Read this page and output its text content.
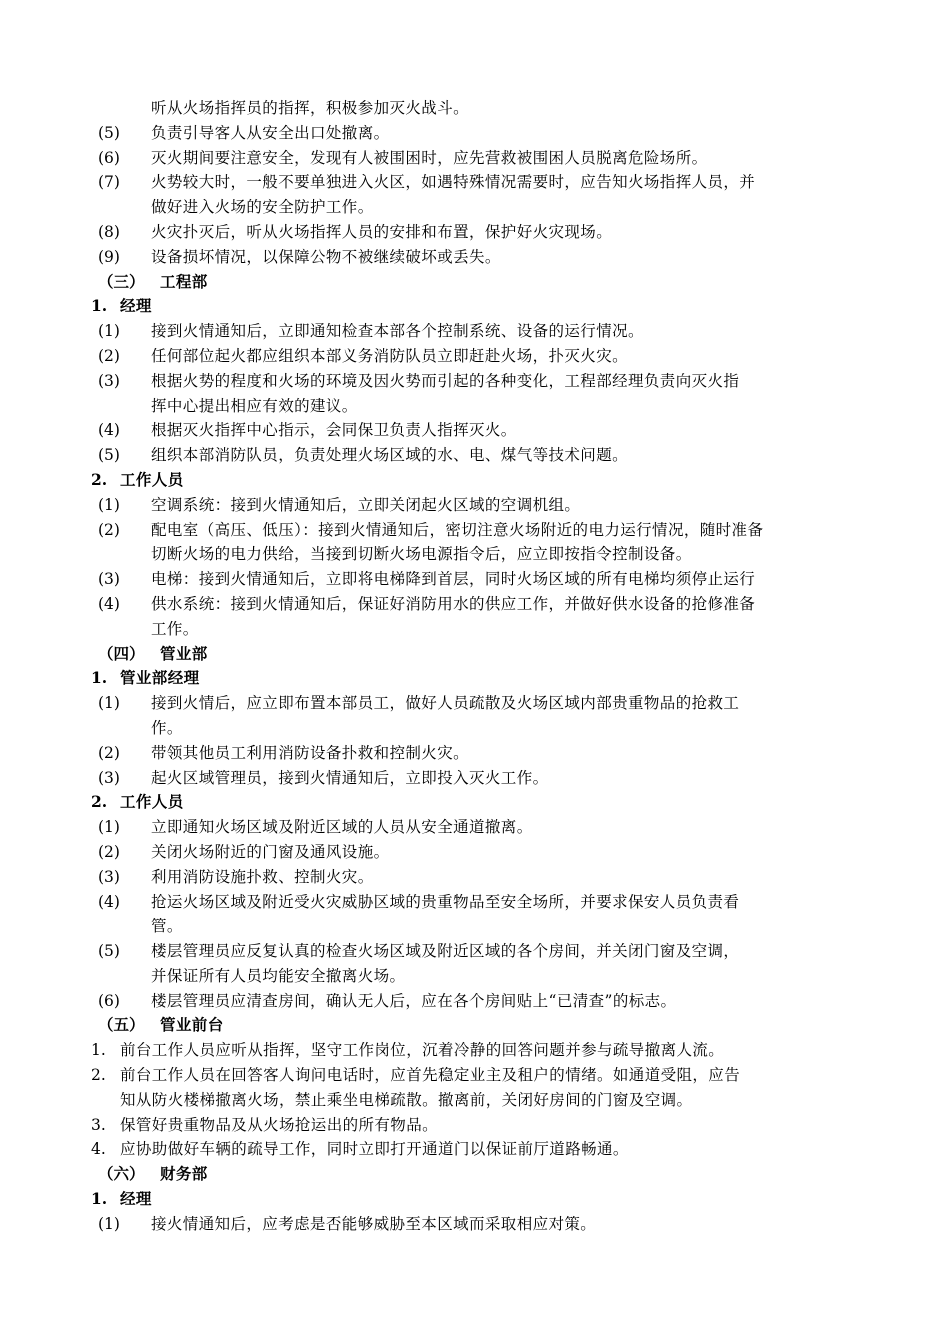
听从火场指挥员的指挥，积极参加灭火战斗。
(5) 负责引导客人从安全出口处撤离。
(6) 灭火期间要注意安全，发现有人被围困时，应先营救被围困人员脱离危险场所。
(7) 火势较大时，一般不要单独进入火区，如遇特殊情况需要时，应告知火场指挥人员，并
做好进入火场的安全防护工作。
(8) 火灾扑灭后，听从火场指挥人员的安排和布置，保护好火灾现场。
(9) 设备损坏情况，以保障公物不被继续破坏或丢失。
（三） 工程部
1. 经理
(1) 接到火情通知后，立即通知检查本部各个控制系统、设备的运行情况。
(2) 任何部位起火都应组织本部义务消防队员立即赶赴火场，扑灭火灾。
(3) 根据火势的程度和火场的环境及因火势而引起的各种变化，工程部经理负责向灭火指
挥中心提出相应有效的建议。
(4) 根据灭火指挥中心指示，会同保卫负责人指挥灭火。
(5) 组织本部消防队员，负责处理火场区域的水、电、煤气等技术问题。
2. 工作人员
(1) 空调系统：接到火情通知后，立即关闭起火区域的空调机组。
(2) 配电室（高压、低压）：接到火情通知后，密切注意火场附近的电力运行情况，随时准备
切断火场的电力供给，当接到切断火场电源指令后，应立即按指令控制设备。
(3) 电梯：接到火情通知后，立即将电梯降到首层，同时火场区域的所有电梯均须停止运行
(4) 供水系统：接到火情通知后，保证好消防用水的供应工作，并做好供水设备的抢修准备
工作。
（四） 管业部
1. 管业部经理
(1) 接到火情后，应立即布置本部员工，做好人员疏散及火场区域内部贵重物品的抢救工
作。
(2) 带领其他员工利用消防设备扑救和控制火灾。
(3) 起火区域管理员，接到火情通知后，立即投入灭火工作。
2. 工作人员
(1) 立即通知火场区域及附近区域的人员从安全通道撤离。
(2) 关闭火场附近的门窗及通风设施。
(3) 利用消防设施扑救、控制火灾。
(4) 抢运火场区域及附近受火灾威胁区域的贵重物品至安全场所，并要求保安人员负责看
管。
(5) 楼层管理员应反复认真的检查火场区域及附近区域的各个房间，并关闭门窗及空调，
并保证所有人员均能安全撤离火场。
(6) 楼层管理员应清查房间，确认无人后，应在各个房间贴上“已清查”的标志。
（五） 管业前台
1. 前台工作人员应听从指挥，坚守工作岗位，沉着冷静的回答问题并参与疏导撤离人流。
2. 前台工作人员在回答客人询问电话时，应首先稳定业主及租户的情绪。如通道受阻，应告
知从防火楼梯撤离火场，禁止乘坐电梯疏散。撤离前，关闭好房间的门窗及空调。
3. 保管好贵重物品及从火场抢运出的所有物品。
4. 应协助做好车辆的疏导工作，同时立即打开通道门以保证前厅道路畅通。
（六） 财务部
1. 经理
(1) 接火情通知后，应考虑是否能够威胁至本区域而采取相应对策。
